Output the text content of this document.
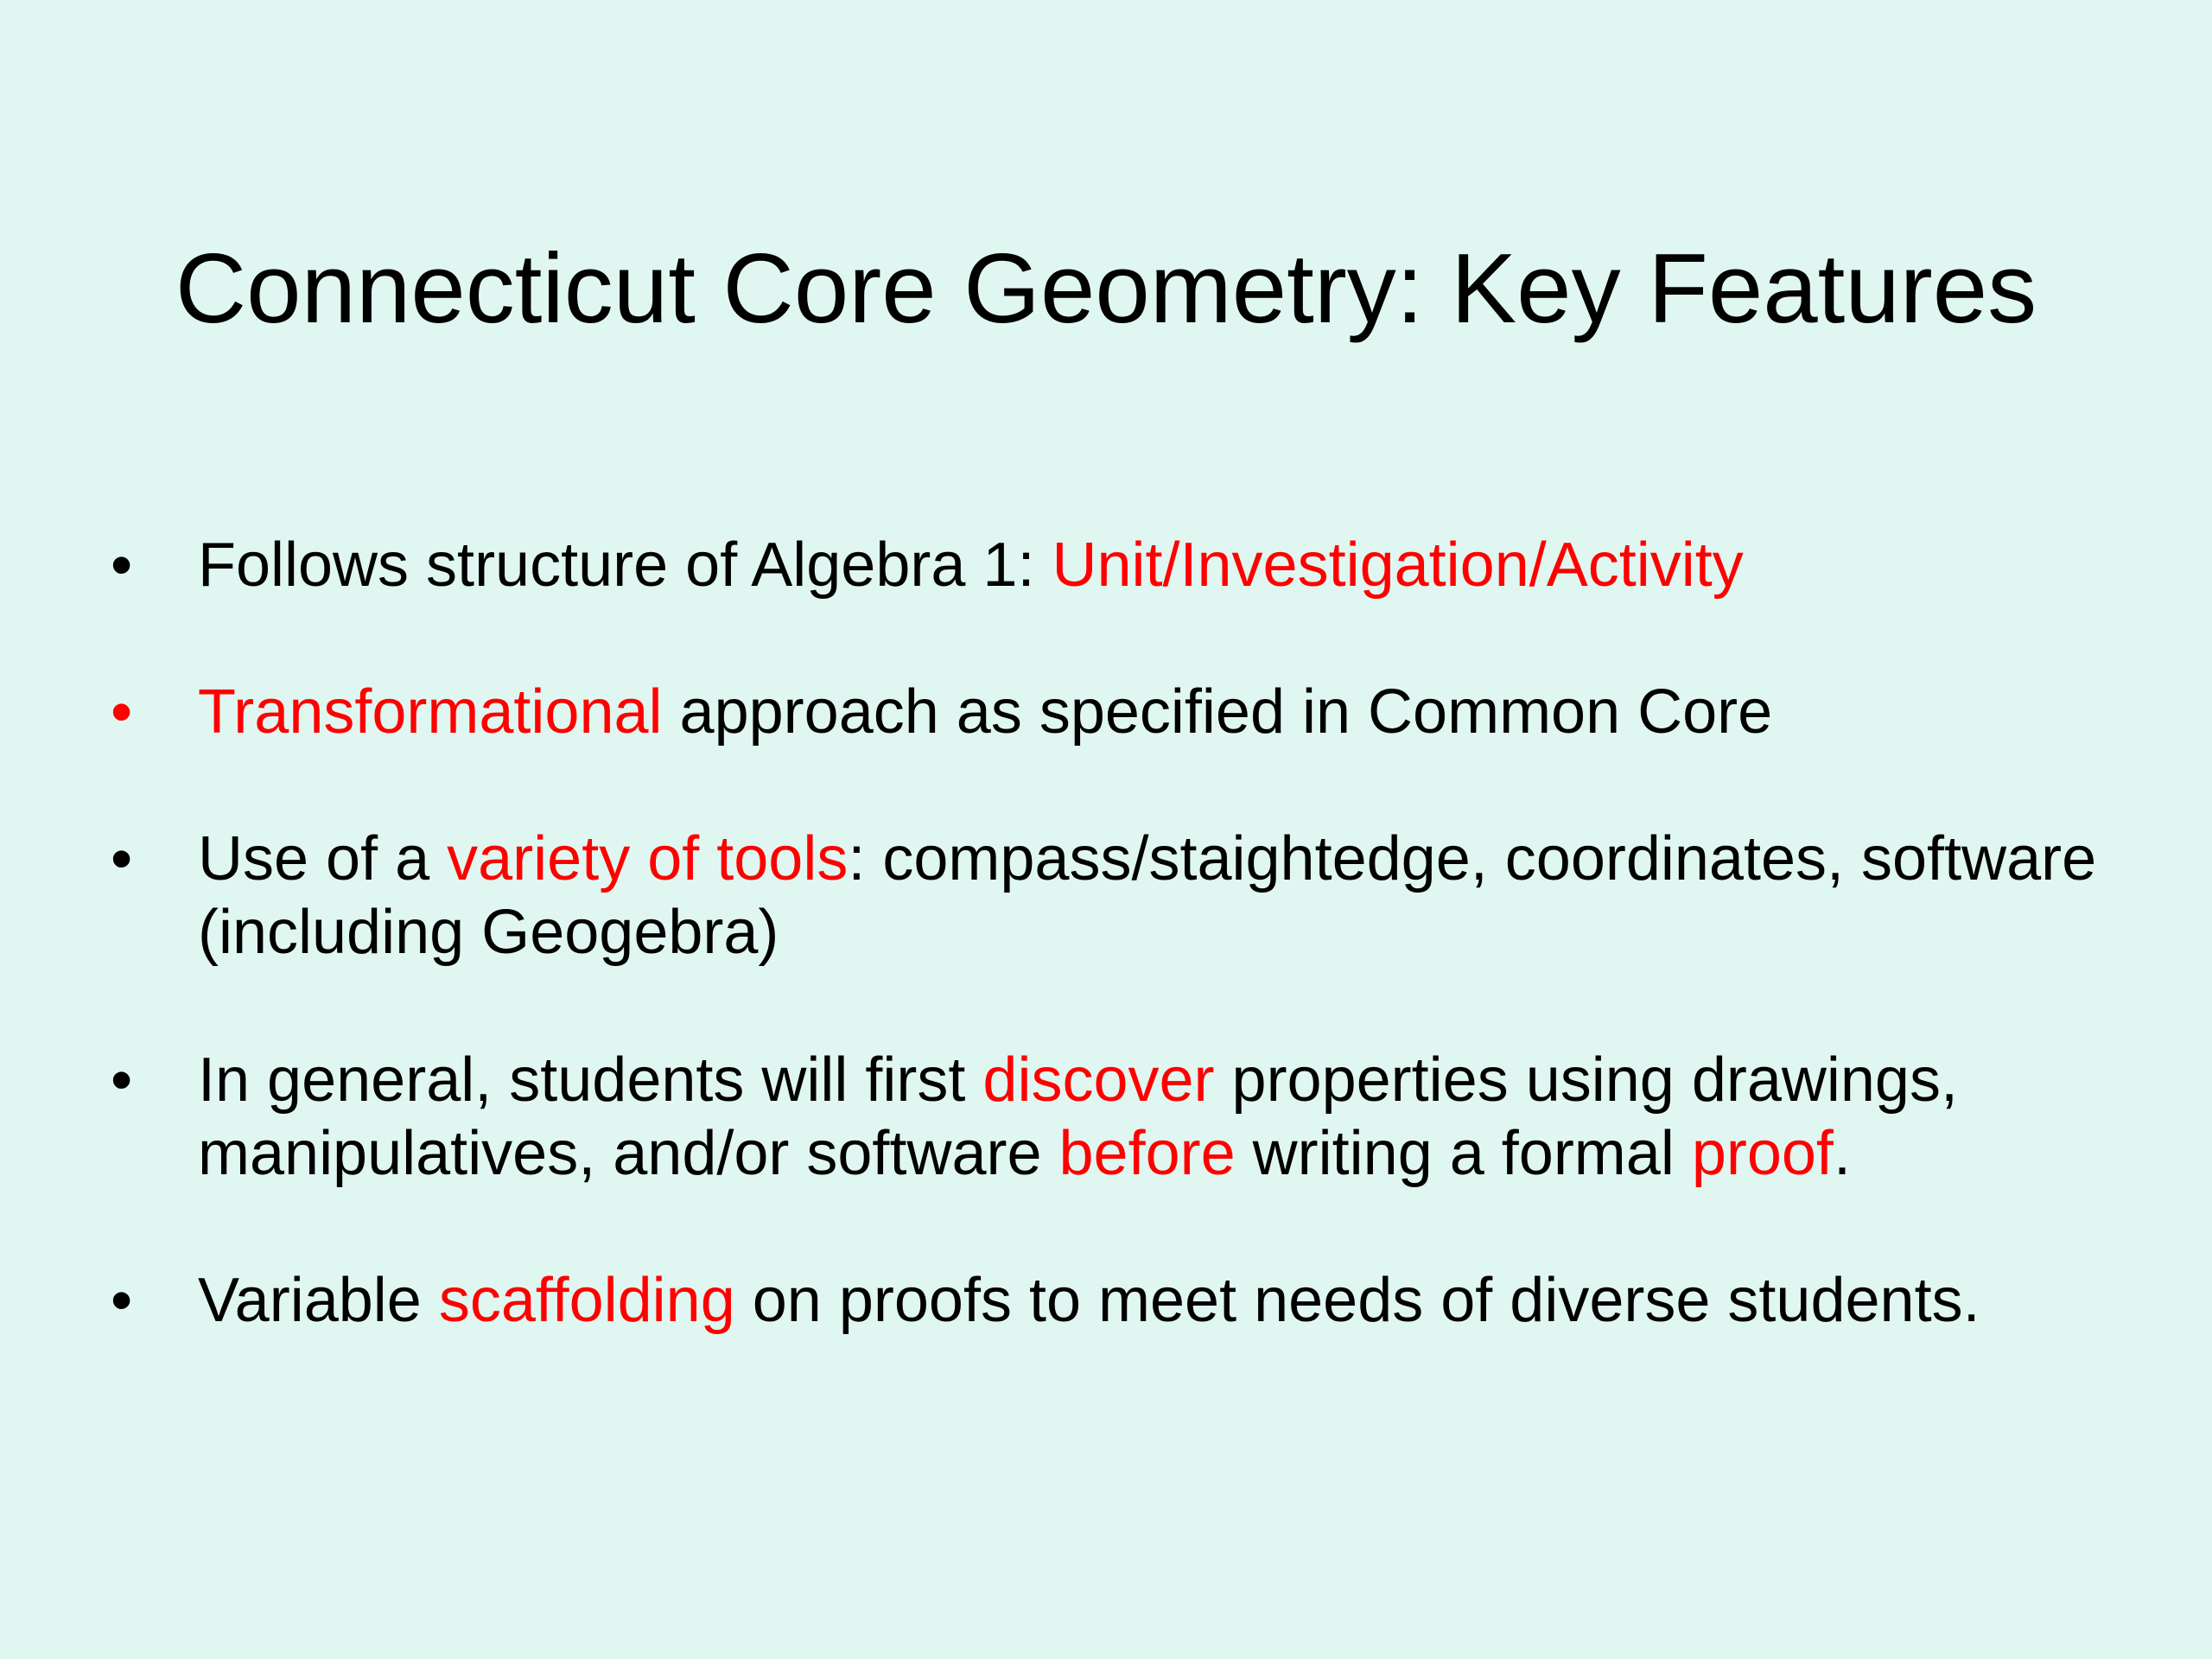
Connecticut Core Geometry: Key Features
• Follows structure of Algebra 1: Unit/Investigation/Activity

• Transformational approach as specified in Common Core

• Use of a variety of tools: compass/staightedge, coordinates, software

(including Geogebra)

• In general, students will first discover properties using drawings,

manipulatives, and/or software before writing a formal proof.

• Variable scaffolding on proofs to meet needs of diverse students.
